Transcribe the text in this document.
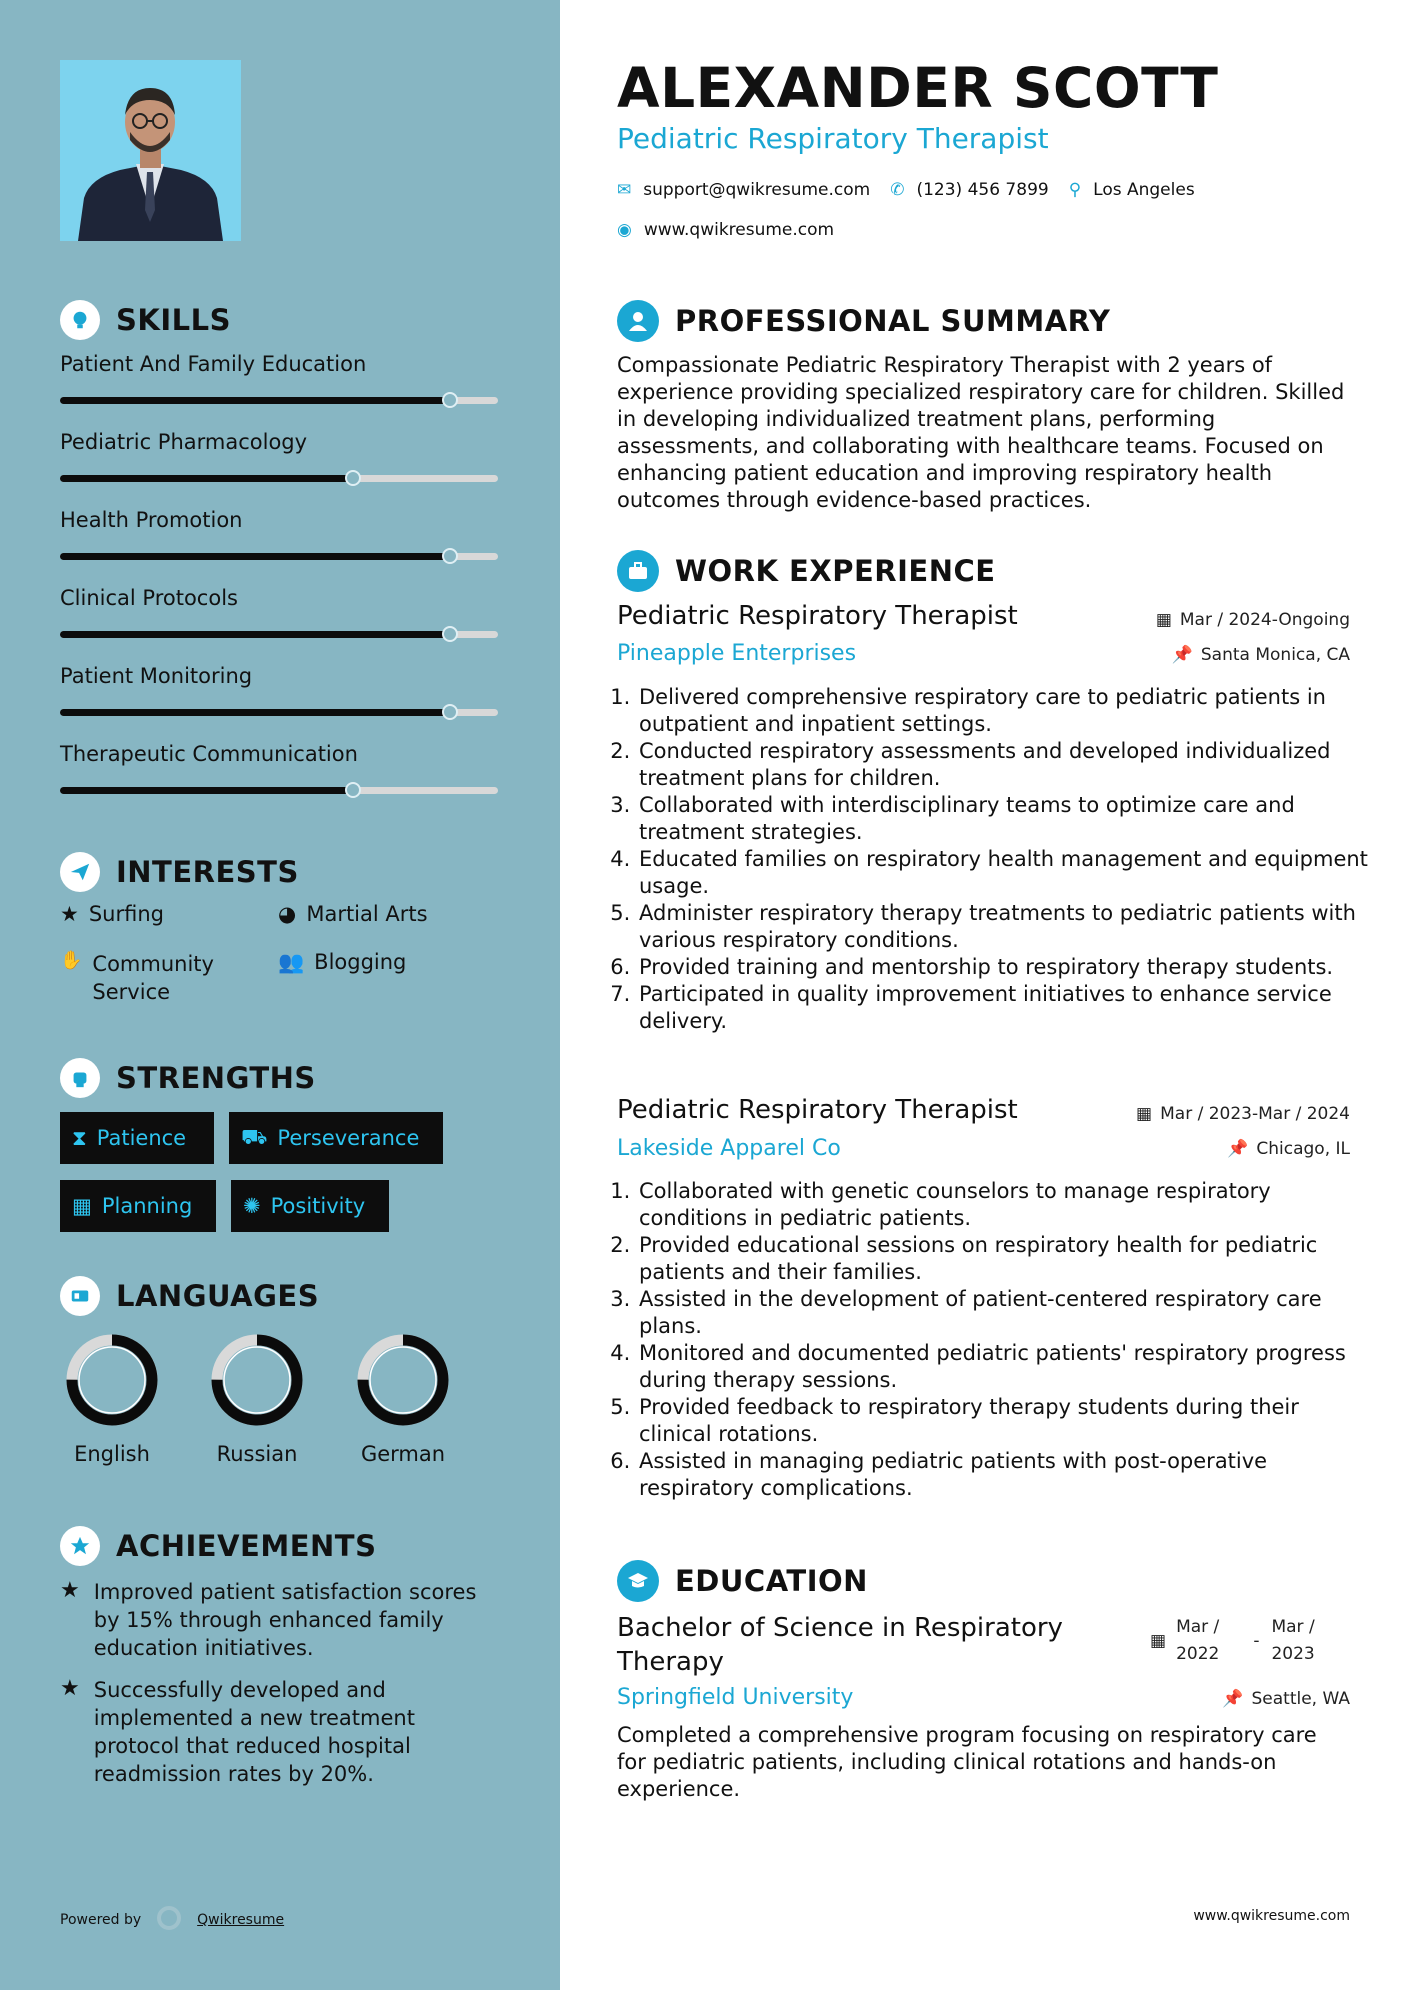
SKILLS
Patient And Family Education
Pediatric Pharmacology
Health Promotion
Clinical Protocols
Patient Monitoring
Therapeutic Communication
INTERESTS
★ Surfing	◕ Martial Arts
✋ Community Service
👥 Blogging
STRENGTHS
⧗ Patience	⛟ Perseverance
▦ Planning ✺ Positivity
LANGUAGES
English	Russian	German
ACHIEVEMENTS
★ Improved patient satisfaction scores by 15% through enhanced family education initiatives.
★ Successfully developed and implemented a new treatment protocol that reduced hospital readmission rates by 20%.
Powered by	Qwikresume
ALEXANDER SCOTT
Pediatric Respiratory Therapist
✉ support@qwikresume.com ✆ (123) 456 7899 ⚲ Los Angeles
◉ www.qwikresume.com
PROFESSIONAL SUMMARY
Compassionate Pediatric Respiratory Therapist with 2 years of experience providing specialized respiratory care for children. Skilled in developing individualized treatment plans, performing assessments, and collaborating with healthcare teams. Focused on enhancing patient education and improving respiratory health outcomes through evidence-based practices.
WORK EXPERIENCE
Pediatric Respiratory Therapist	▦ Mar / 2024-Ongoing
Pineapple Enterprises	📌 Santa Monica, CA
1. Delivered comprehensive respiratory care to pediatric patients in outpatient and inpatient settings.
2. Conducted respiratory assessments and developed individualized treatment plans for children.
3. Collaborated with interdisciplinary teams to optimize care and treatment strategies.
4. Educated families on respiratory health management and equipment usage.
5. Administer respiratory therapy treatments to pediatric patients with various respiratory conditions.
6. Provided training and mentorship to respiratory therapy students.
7. Participated in quality improvement initiatives to enhance service delivery.
Pediatric Respiratory Therapist	▦ Mar / 2023-Mar / 2024
Lakeside Apparel Co	📌 Chicago, IL
1. Collaborated with genetic counselors to manage respiratory conditions in pediatric patients.
2. Provided educational sessions on respiratory health for pediatric patients and their families.
3. Assisted in the development of patient-centered respiratory care plans.
4. Monitored and documented pediatric patients' respiratory progress during therapy sessions.
5. Provided feedback to respiratory therapy students during their clinical rotations.
6. Assisted in managing pediatric patients with post-operative respiratory complications.
EDUCATION
Bachelor of Science in Respiratory Therapy
▦
Mar /
2022
-
Mar /
2023
Springfield University	📌 Seattle, WA
Completed a comprehensive program focusing on respiratory care for pediatric patients, including clinical rotations and hands-on experience.
www.qwikresume.com
